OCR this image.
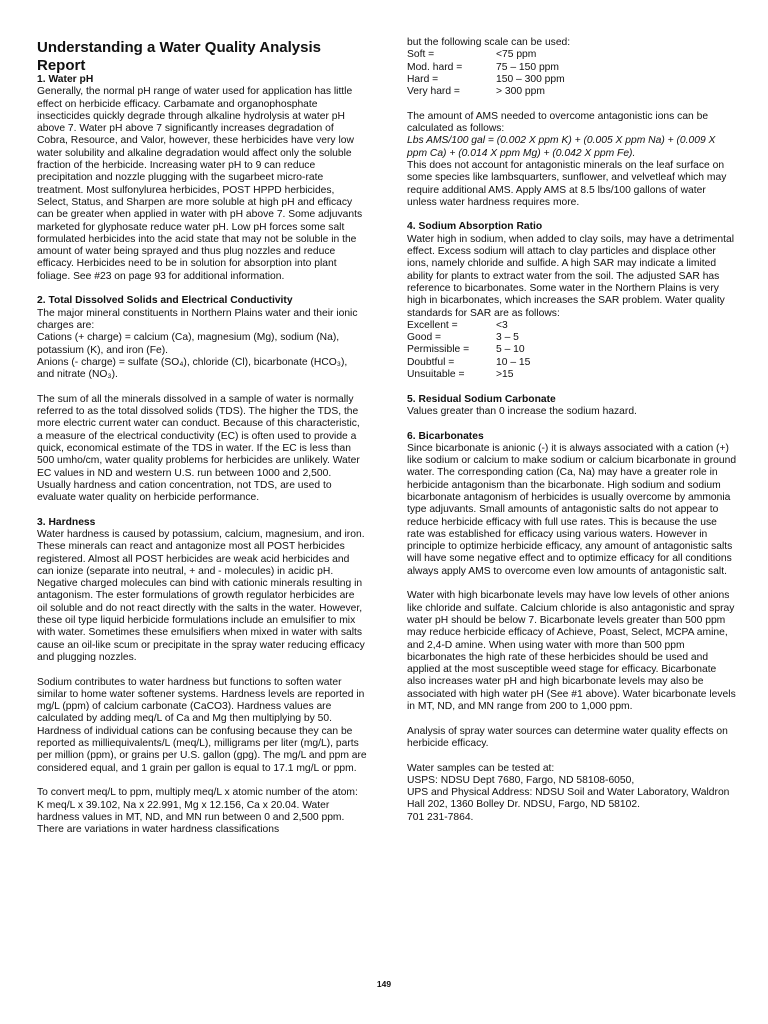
Understanding a Water Quality Analysis Report
1. Water pH

Generally, the normal pH range of water used for application has little effect on herbicide efficacy. Carbamate and organophosphate insecticides quickly degrade through alkaline hydrolysis at water pH above 7. Water pH above 7 significantly increases degradation of Cobra, Resource, and Valor, however, these herbicides have very low water solubility and alkaline degradation would affect only the soluble fraction of the herbicide. Increasing water pH to 9 can reduce precipitation and nozzle plugging with the sugarbeet micro-rate treatment. Most sulfonylurea herbicides, POST HPPD herbicides, Select, Status, and Sharpen are more soluble at high pH and efficacy can be greater when applied in water with pH above 7. Some adjuvants marketed for glyphosate reduce water pH. Low pH forces some salt formulated herbicides into the acid state that may not be soluble in the amount of water being sprayed and thus plug nozzles and reduce efficacy. Herbicides need to be in solution for absorption into plant foliage. See #23 on page 93 for additional information.

2. Total Dissolved Solids and Electrical Conductivity

The major mineral constituents in Northern Plains water and their ionic charges are:

Cations (+ charge) = calcium (Ca), magnesium (Mg), sodium (Na), potassium (K), and iron (Fe).

Anions (- charge) = sulfate (SO₄), chloride (Cl), bicarbonate (HCO₃), and nitrate (NO₃).

The sum of all the minerals dissolved in a sample of water is normally referred to as the total dissolved solids (TDS). The higher the TDS, the more electric current water can conduct. Because of this characteristic, a measure of the electrical conductivity (EC) is often used to provide a quick, economical estimate of the TDS in water. If the EC is less than 500 umho/cm, water quality problems for herbicides are unlikely. Water EC values in ND and western U.S. run between 1000 and 2,500. Usually hardness and cation concentration, not TDS, are used to evaluate water quality on herbicide performance.

3. Hardness

Water hardness is caused by potassium, calcium, magnesium, and iron. These minerals can react and antagonize most all POST herbicides registered. Almost all POST herbicides are weak acid herbicides and can ionize (separate into neutral, + and - molecules) in acidic pH. Negative charged molecules can bind with cationic minerals resulting in antagonism. The ester formulations of growth regulator herbicides are oil soluble and do not react directly with the salts in the water. However, these oil type liquid herbicide formulations include an emulsifier to mix with water. Sometimes these emulsifiers when mixed in water with salts cause an oil-like scum or precipitate in the spray water reducing efficacy and plugging nozzles.

Sodium contributes to water hardness but functions to soften water similar to home water softener systems. Hardness levels are reported in mg/L (ppm) of calcium carbonate (CaCO3). Hardness values are calculated by adding meq/L of Ca and Mg then multiplying by 50. Hardness of individual cations can be confusing because they can be reported as milliequivalents/L (meq/L), milligrams per liter (mg/L), parts per million (ppm), or grains per U.S. gallon (gpg). The mg/L and ppm are considered equal, and 1 grain per gallon is equal to 17.1 mg/L or ppm.

To convert meq/L to ppm, multiply meq/L x atomic number of the atom: K meq/L x 39.102, Na x 22.991, Mg x 12.156, Ca x 20.04. Water hardness values in MT, ND, and MN run between 0 and 2,500 ppm. There are variations in water hardness classifications

but the following scale can be used:

Soft =	<75 ppm
Mod. hard =	75 – 150 ppm
Hard =	150 – 300 ppm
Very hard =	> 300 ppm

The amount of AMS needed to overcome antagonistic ions can be calculated as follows:

Lbs AMS/100 gal = (0.002 X ppm K) + (0.005 X ppm Na) + (0.009 X ppm Ca) + (0.014 X ppm Mg) + (0.042 X ppm Fe).

This does not account for antagonistic minerals on the leaf surface on some species like lambsquarters, sunflower, and velvetleaf which may require additional AMS. Apply AMS at 8.5 lbs/100 gallons of water unless water hardness requires more.

4. Sodium Absorption Ratio

Water high in sodium, when added to clay soils, may have a detrimental effect. Excess sodium will attach to clay particles and displace other ions, namely chloride and sulfide. A high SAR may indicate a limited ability for plants to extract water from the soil. The adjusted SAR has reference to bicarbonates. Some water in the Northern Plains is very high in bicarbonates, which increases the SAR problem. Water quality standards for SAR are as follows:

Excellent =	<3
Good =	3 – 5
Permissible =	5 – 10
Doubtful =	10 – 15
Unsuitable =	>15
5. Residual Sodium Carbonate

Values greater than 0 increase the sodium hazard.

6. Bicarbonates

Since bicarbonate is anionic (-) it is always associated with a cation (+) like sodium or calcium to make sodium or calcium bicarbonate in ground water. The corresponding cation (Ca, Na) may have a greater role in herbicide antagonism than the bicarbonate. High sodium and sodium bicarbonate antagonism of herbicides is usually overcome by ammonia type adjuvants. Small amounts of antagonistic salts do not appear to reduce herbicide efficacy with full use rates. This is because the use rate was established for efficacy using various waters. However in principle to optimize herbicide efficacy, any amount of antagonistic salts will have some negative effect and to optimize efficacy for all conditions always apply AMS to overcome even low amounts of antagonistic salt.

Water with high bicarbonate levels may have low levels of other anions like chloride and sulfate. Calcium chloride is also antagonistic and spray water pH should be below 7. Bicarbonate levels greater than 500 ppm may reduce herbicide efficacy of Achieve, Poast, Select, MCPA amine, and 2,4-D amine. When using water with more than 500 ppm bicarbonates the high rate of these herbicides should be used and applied at the most susceptible weed stage for efficacy. Bicarbonate also increases water pH and high bicarbonate levels may also be associated with high water pH (See #1 above). Water bicarbonate levels in MT, ND, and MN range from 200 to 1,000 ppm.

Analysis of spray water sources can determine water quality effects on herbicide efficacy.

Water samples can be tested at:

USPS: NDSU Dept 7680, Fargo, ND 58108-6050,

UPS and Physical Address: NDSU Soil and Water Laboratory, Waldron Hall 202, 1360 Bolley Dr. NDSU, Fargo, ND 58102.

701 231-7864.

149
